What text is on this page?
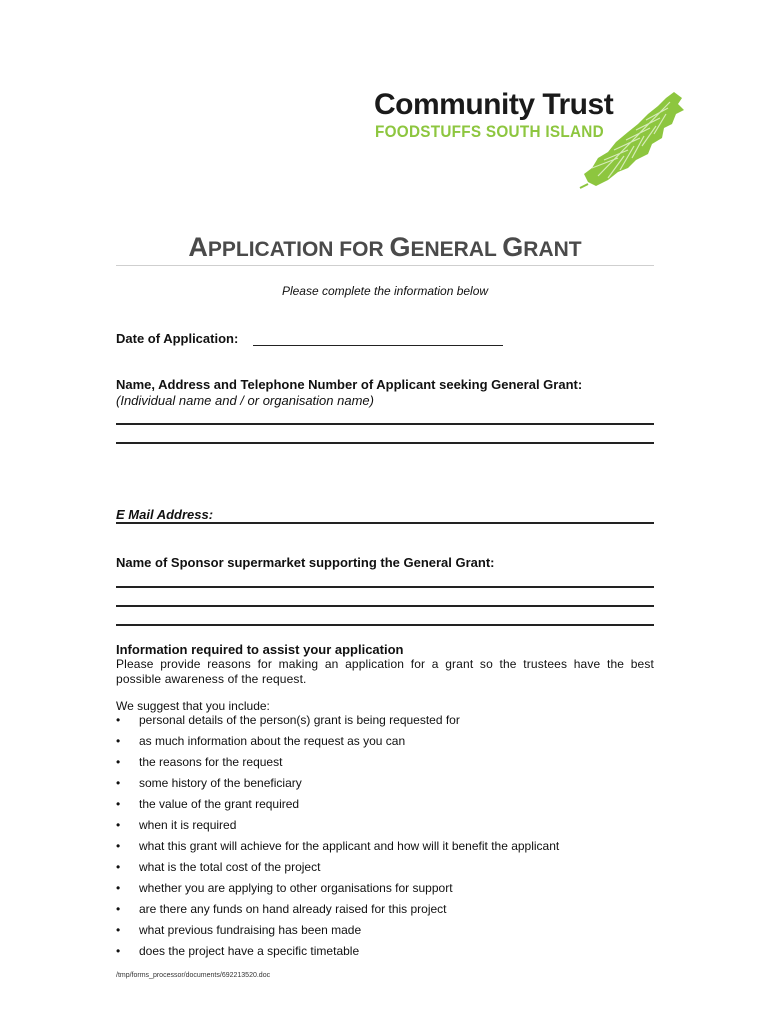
Community Trust
FOODSTUFFS SOUTH ISLAND
APPLICATION FOR GENERAL GRANT
Please complete the information below
Date of Application:
Name, Address and Telephone Number of Applicant seeking General Grant:
(Individual name and / or organisation name)
E Mail Address:
Name of Sponsor supermarket supporting the General Grant:
Information required to assist your application
Please provide reasons for making an application for a grant so the trustees have the best possible awareness of the request.
We suggest that you include:
• personal details of the person(s) grant is being requested for
• as much information about the request as you can
• the reasons for the request
• some history of the beneficiary
• the value of the grant required
• when it is required
• what this grant will achieve for the applicant and how will it benefit the applicant
• what is the total cost of the project
• whether you are applying to other organisations for support
• are there any funds on hand already raised for this project
• what previous fundraising has been made
• does the project have a specific timetable
/tmp/forms_processor/documents/692213520.doc
